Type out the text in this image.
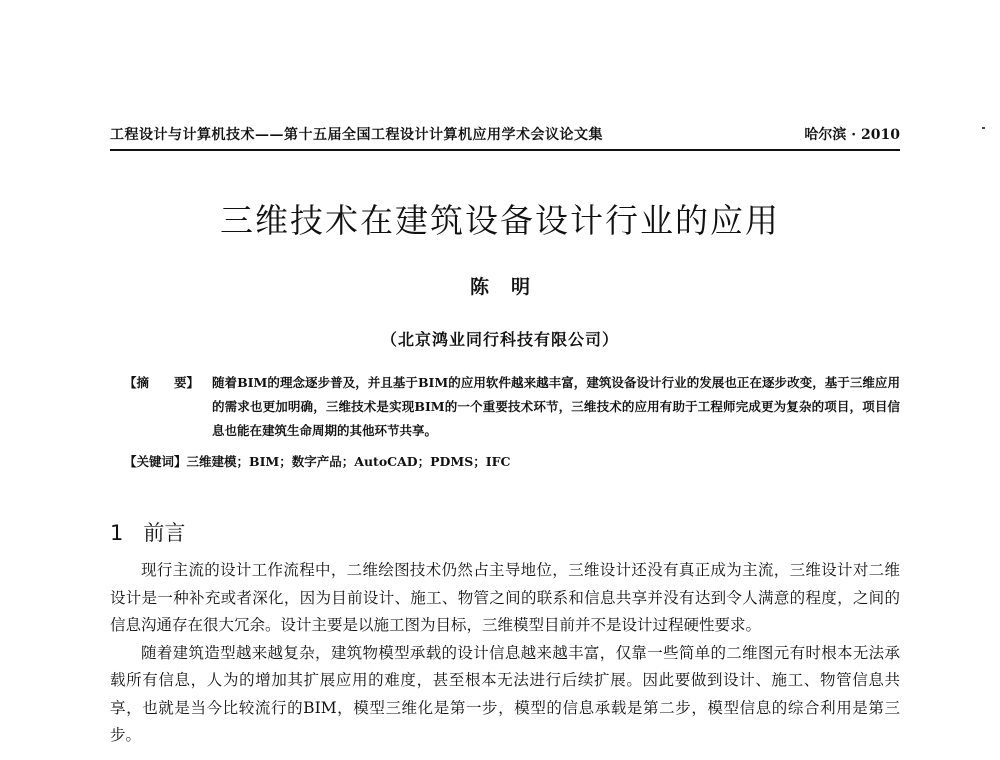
工程设计与计算机技术——第十五届全国工程设计计算机应用学术会议论文集	哈尔滨 · 2010
三维技术在建筑设备设计行业的应用
陈明
（北京鸿业同行科技有限公司）
【摘　　要】 随着BIM的理念逐步普及，并且基于BIM的应用软件越来越丰富，建筑设备设计行业的发展也正在逐步改变，基于三维应用的需求也更加明确，三维技术是实现BIM的一个重要技术环节，三维技术的应用有助于工程师完成更为复杂的项目，项目信息也能在建筑生命周期的其他环节共享。
【关键词】三维建模；BIM；数字产品；AutoCAD；PDMS；IFC
1 前言

现行主流的设计工作流程中，二维绘图技术仍然占主导地位，三维设计还没有真正成为主流，三维设计对二维设计是一种补充或者深化，因为目前设计、施工、物管之间的联系和信息共享并没有达到令人满意的程度，之间的信息沟通存在很大冗余。设计主要是以施工图为目标，三维模型目前并不是设计过程硬性要求。

随着建筑造型越来越复杂，建筑物模型承载的设计信息越来越丰富，仅靠一些简单的二维图元有时根本无法承载所有信息，人为的增加其扩展应用的难度，甚至根本无法进行后续扩展。因此要做到设计、施工、物管信息共享，也就是当今比较流行的BIM，模型三维化是第一步，模型的信息承载是第二步，模型信息的综合利用是第三步。
